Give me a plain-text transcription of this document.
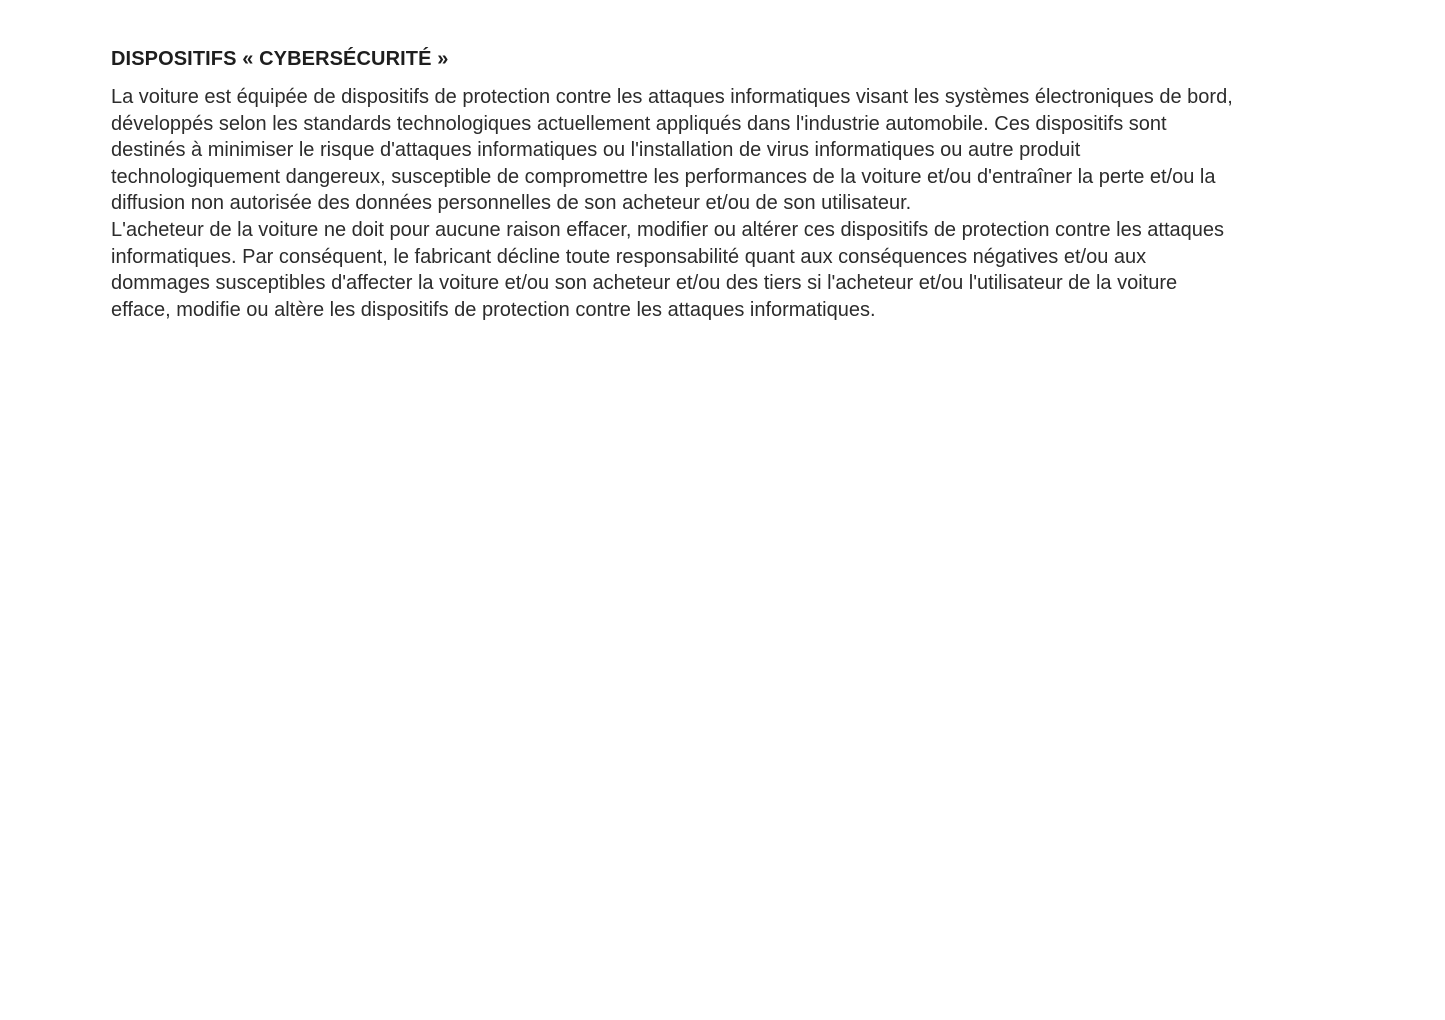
DISPOSITIFS « CYBERSÉCURITÉ »

La voiture est équipée de dispositifs de protection contre les attaques informatiques visant les systèmes électroniques de bord,
développés selon les standards technologiques actuellement appliqués dans l'industrie automobile. Ces dispositifs sont
destinés à minimiser le risque d'attaques informatiques ou l'installation de virus informatiques ou autre produit
technologiquement dangereux, susceptible de compromettre les performances de la voiture et/ou d'entraîner la perte et/ou la
diffusion non autorisée des données personnelles de son acheteur et/ou de son utilisateur.

L'acheteur de la voiture ne doit pour aucune raison effacer, modifier ou altérer ces dispositifs de protection contre les attaques
informatiques. Par conséquent, le fabricant décline toute responsabilité quant aux conséquences négatives et/ou aux
dommages susceptibles d'affecter la voiture et/ou son acheteur et/ou des tiers si l'acheteur et/ou l'utilisateur de la voiture
efface, modifie ou altère les dispositifs de protection contre les attaques informatiques.
